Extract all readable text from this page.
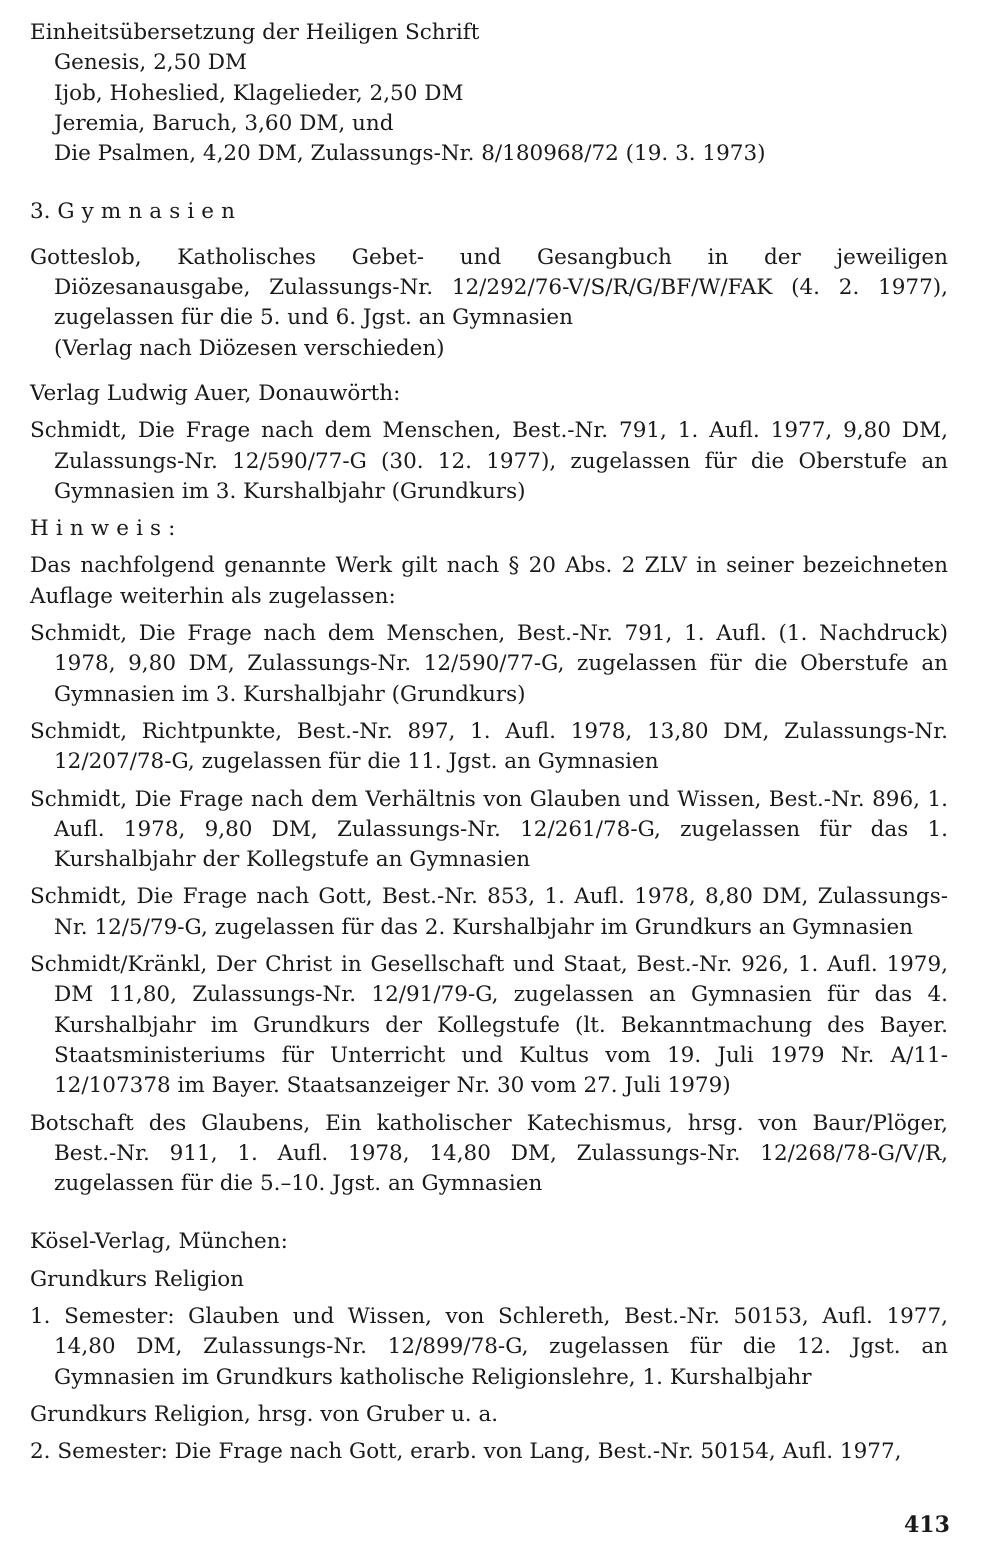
Einheitsübersetzung der Heiligen Schrift

Genesis, 2,50 DM

Ijob, Hoheslied, Klagelieder, 2,50 DM

Jeremia, Baruch, 3,60 DM, und

Die Psalmen, 4,20 DM, Zulassungs-Nr. 8/180968/72 (19. 3. 1973)

3. Gymnasien

Gotteslob, Katholisches Gebet- und Gesangbuch in der jeweiligen Diözesanausgabe, Zulassungs-Nr. 12/292/76-V/S/R/G/BF/W/FAK (4. 2. 1977), zugelassen für die 5. und 6. Jgst. an Gymnasien

(Verlag nach Diözesen verschieden)

Verlag Ludwig Auer, Donauwörth:

Schmidt, Die Frage nach dem Menschen, Best.-Nr. 791, 1. Aufl. 1977, 9,80 DM, Zulassungs-Nr. 12/590/77-G (30. 12. 1977), zugelassen für die Oberstufe an Gymnasien im 3. Kurshalbjahr (Grundkurs)

Hinweis:

Das nachfolgend genannte Werk gilt nach § 20 Abs. 2 ZLV in seiner bezeichneten Auflage weiterhin als zugelassen:

Schmidt, Die Frage nach dem Menschen, Best.-Nr. 791, 1. Aufl. (1. Nachdruck) 1978, 9,80 DM, Zulassungs-Nr. 12/590/77-G, zugelassen für die Oberstufe an Gymnasien im 3. Kurshalbjahr (Grundkurs)

Schmidt, Richtpunkte, Best.-Nr. 897, 1. Aufl. 1978, 13,80 DM, Zulassungs-Nr. 12/207/78-G, zugelassen für die 11. Jgst. an Gymnasien

Schmidt, Die Frage nach dem Verhältnis von Glauben und Wissen, Best.-Nr. 896, 1. Aufl. 1978, 9,80 DM, Zulassungs-Nr. 12/261/78-G, zugelassen für das 1. Kurshalbjahr der Kollegstufe an Gymnasien

Schmidt, Die Frage nach Gott, Best.-Nr. 853, 1. Aufl. 1978, 8,80 DM, Zulassungs-Nr. 12/5/79-G, zugelassen für das 2. Kurshalbjahr im Grundkurs an Gymnasien

Schmidt/Kränkl, Der Christ in Gesellschaft und Staat, Best.-Nr. 926, 1. Aufl. 1979, DM 11,80, Zulassungs-Nr. 12/91/79-G, zugelassen an Gymnasien für das 4. Kurshalbjahr im Grundkurs der Kollegstufe (lt. Bekanntmachung des Bayer. Staatsministeriums für Unterricht und Kultus vom 19. Juli 1979 Nr. A/11-12/107378 im Bayer. Staatsanzeiger Nr. 30 vom 27. Juli 1979)

Botschaft des Glaubens, Ein katholischer Katechismus, hrsg. von Baur/Plöger, Best.-Nr. 911, 1. Aufl. 1978, 14,80 DM, Zulassungs-Nr. 12/268/78-G/V/R, zugelassen für die 5.–10. Jgst. an Gymnasien

Kösel-Verlag, München:

Grundkurs Religion

1. Semester: Glauben und Wissen, von Schlereth, Best.-Nr. 50153, Aufl. 1977, 14,80 DM, Zulassungs-Nr. 12/899/78-G, zugelassen für die 12. Jgst. an Gymnasien im Grundkurs katholische Religionslehre, 1. Kurshalbjahr

Grundkurs Religion, hrsg. von Gruber u. a.

2. Semester: Die Frage nach Gott, erarb. von Lang, Best.-Nr. 50154, Aufl. 1977,

413
